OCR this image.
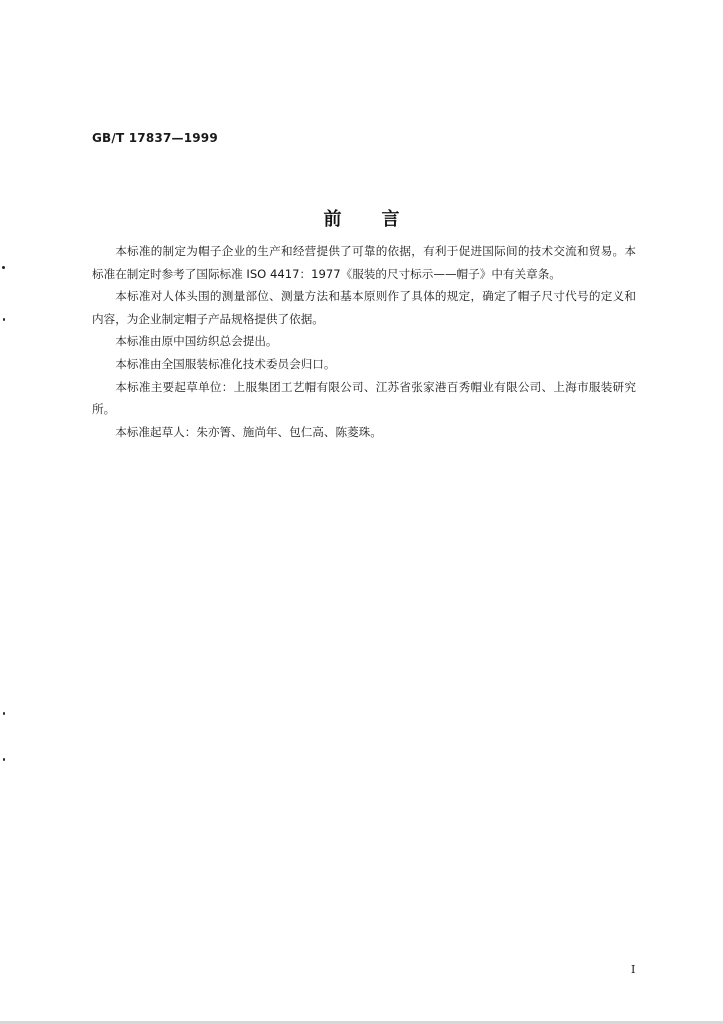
GB/T 17837—1999
前言

本标准的制定为帽子企业的生产和经营提供了可靠的依据，有利于促进国际间的技术交流和贸易。本标准在制定时参考了国际标准 ISO 4417：1977《服装的尺寸标示——帽子》中有关章条。

本标准对人体头围的测量部位、测量方法和基本原则作了具体的规定，确定了帽子尺寸代号的定义和内容，为企业制定帽子产品规格提供了依据。

本标准由原中国纺织总会提出。

本标准由全国服装标准化技术委员会归口。

本标准主要起草单位：上服集团工艺帽有限公司、江苏省张家港百秀帽业有限公司、上海市服装研究所。

本标准起草人：朱亦箐、施尚年、包仁高、陈菱珠。

I
